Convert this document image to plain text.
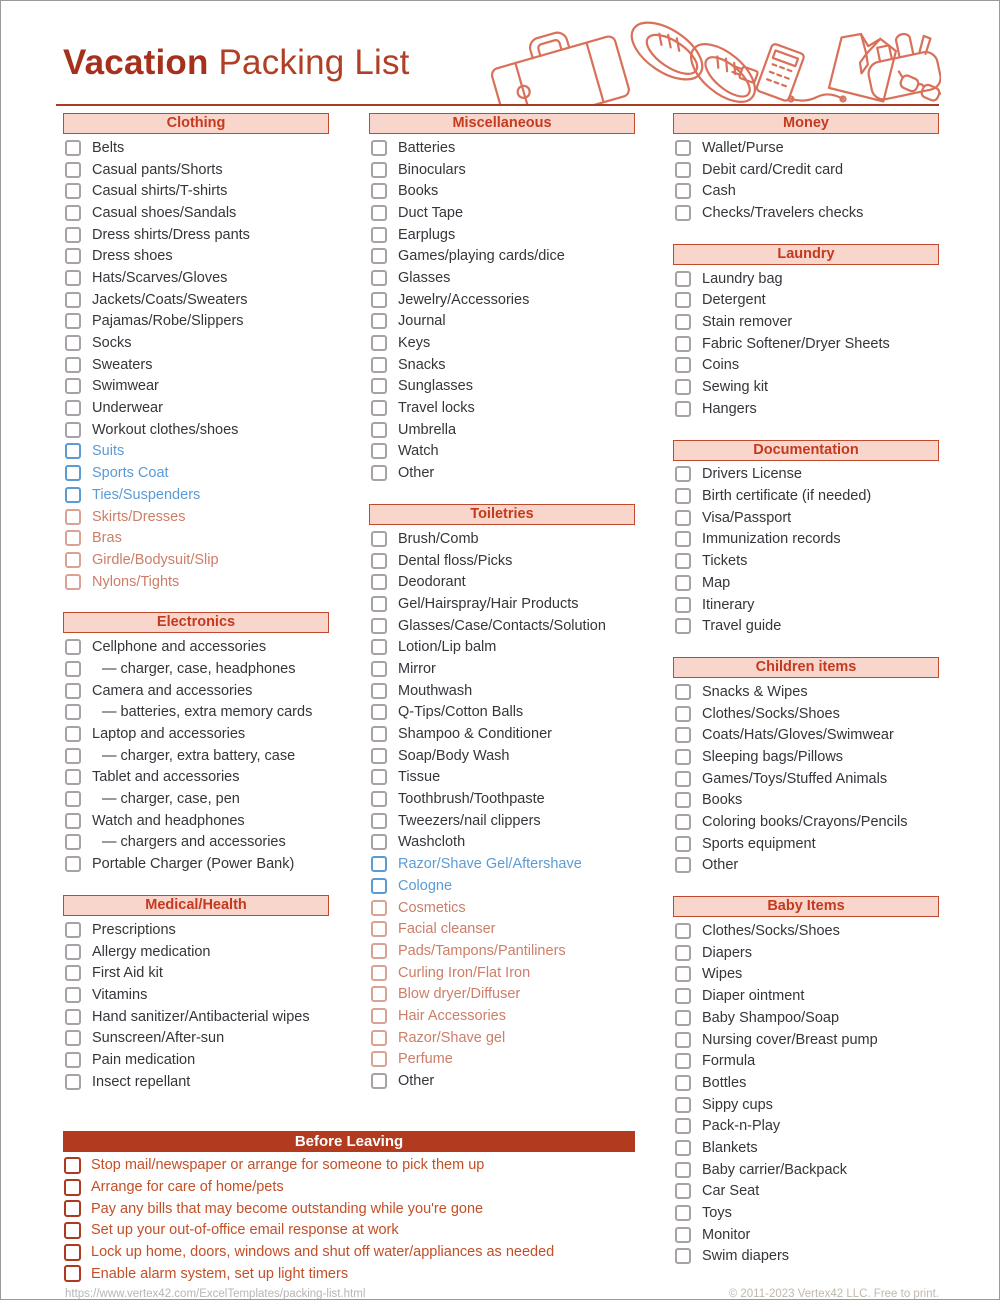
Vacation Packing List
Clothing
Belts
Casual pants/Shorts
Casual shirts/T-shirts
Casual shoes/Sandals
Dress shirts/Dress pants
Dress shoes
Hats/Scarves/Gloves
Jackets/Coats/Sweaters
Pajamas/Robe/Slippers
Socks
Sweaters
Swimwear
Underwear
Workout clothes/shoes
Suits
Sports Coat
Ties/Suspenders
Skirts/Dresses
Bras
Girdle/Bodysuit/Slip
Nylons/Tights
Electronics
Cellphone and accessories
— charger, case, headphones
Camera and accessories
— batteries, extra memory cards
Laptop and accessories
— charger, extra battery, case
Tablet and accessories
— charger, case, pen
Watch and headphones
— chargers and accessories
Portable Charger (Power Bank)
Medical/Health
Prescriptions
Allergy medication
First Aid kit
Vitamins
Hand sanitizer/Antibacterial wipes
Sunscreen/After-sun
Pain medication
Insect repellant
Miscellaneous
Batteries
Binoculars
Books
Duct Tape
Earplugs
Games/playing cards/dice
Glasses
Jewelry/Accessories
Journal
Keys
Snacks
Sunglasses
Travel locks
Umbrella
Watch
Other
Toiletries
Brush/Comb
Dental floss/Picks
Deodorant
Gel/Hairspray/Hair Products
Glasses/Case/Contacts/Solution
Lotion/Lip balm
Mirror
Mouthwash
Q-Tips/Cotton Balls
Shampoo & Conditioner
Soap/Body Wash
Tissue
Toothbrush/Toothpaste
Tweezers/nail clippers
Washcloth
Razor/Shave Gel/Aftershave
Cologne
Cosmetics
Facial cleanser
Pads/Tampons/Pantiliners
Curling Iron/Flat Iron
Blow dryer/Diffuser
Hair Accessories
Razor/Shave gel
Perfume
Other
Before Leaving
Stop mail/newspaper or arrange for someone to pick them up
Arrange for care of home/pets
Pay any bills that may become outstanding while you're gone
Set up your out-of-office email response at work
Lock up home, doors, windows and shut off water/appliances as needed
Enable alarm system, set up light timers
Money
Wallet/Purse
Debit card/Credit card
Cash
Checks/Travelers checks
Laundry
Laundry bag
Detergent
Stain remover
Fabric Softener/Dryer Sheets
Coins
Sewing kit
Hangers
Documentation
Drivers License
Birth certificate (if needed)
Visa/Passport
Immunization records
Tickets
Map
Itinerary
Travel guide
Children items
Snacks & Wipes
Clothes/Socks/Shoes
Coats/Hats/Gloves/Swimwear
Sleeping bags/Pillows
Games/Toys/Stuffed Animals
Books
Coloring books/Crayons/Pencils
Sports equipment
Other
Baby Items
Clothes/Socks/Shoes
Diapers
Wipes
Diaper ointment
Baby Shampoo/Soap
Nursing cover/Breast pump
Formula
Bottles
Sippy cups
Pack-n-Play
Blankets
Baby carrier/Backpack
Car Seat
Toys
Monitor
Swim diapers
https://www.vertex42.com/ExcelTemplates/packing-list.html	© 2011-2023 Vertex42 LLC. Free to print.
